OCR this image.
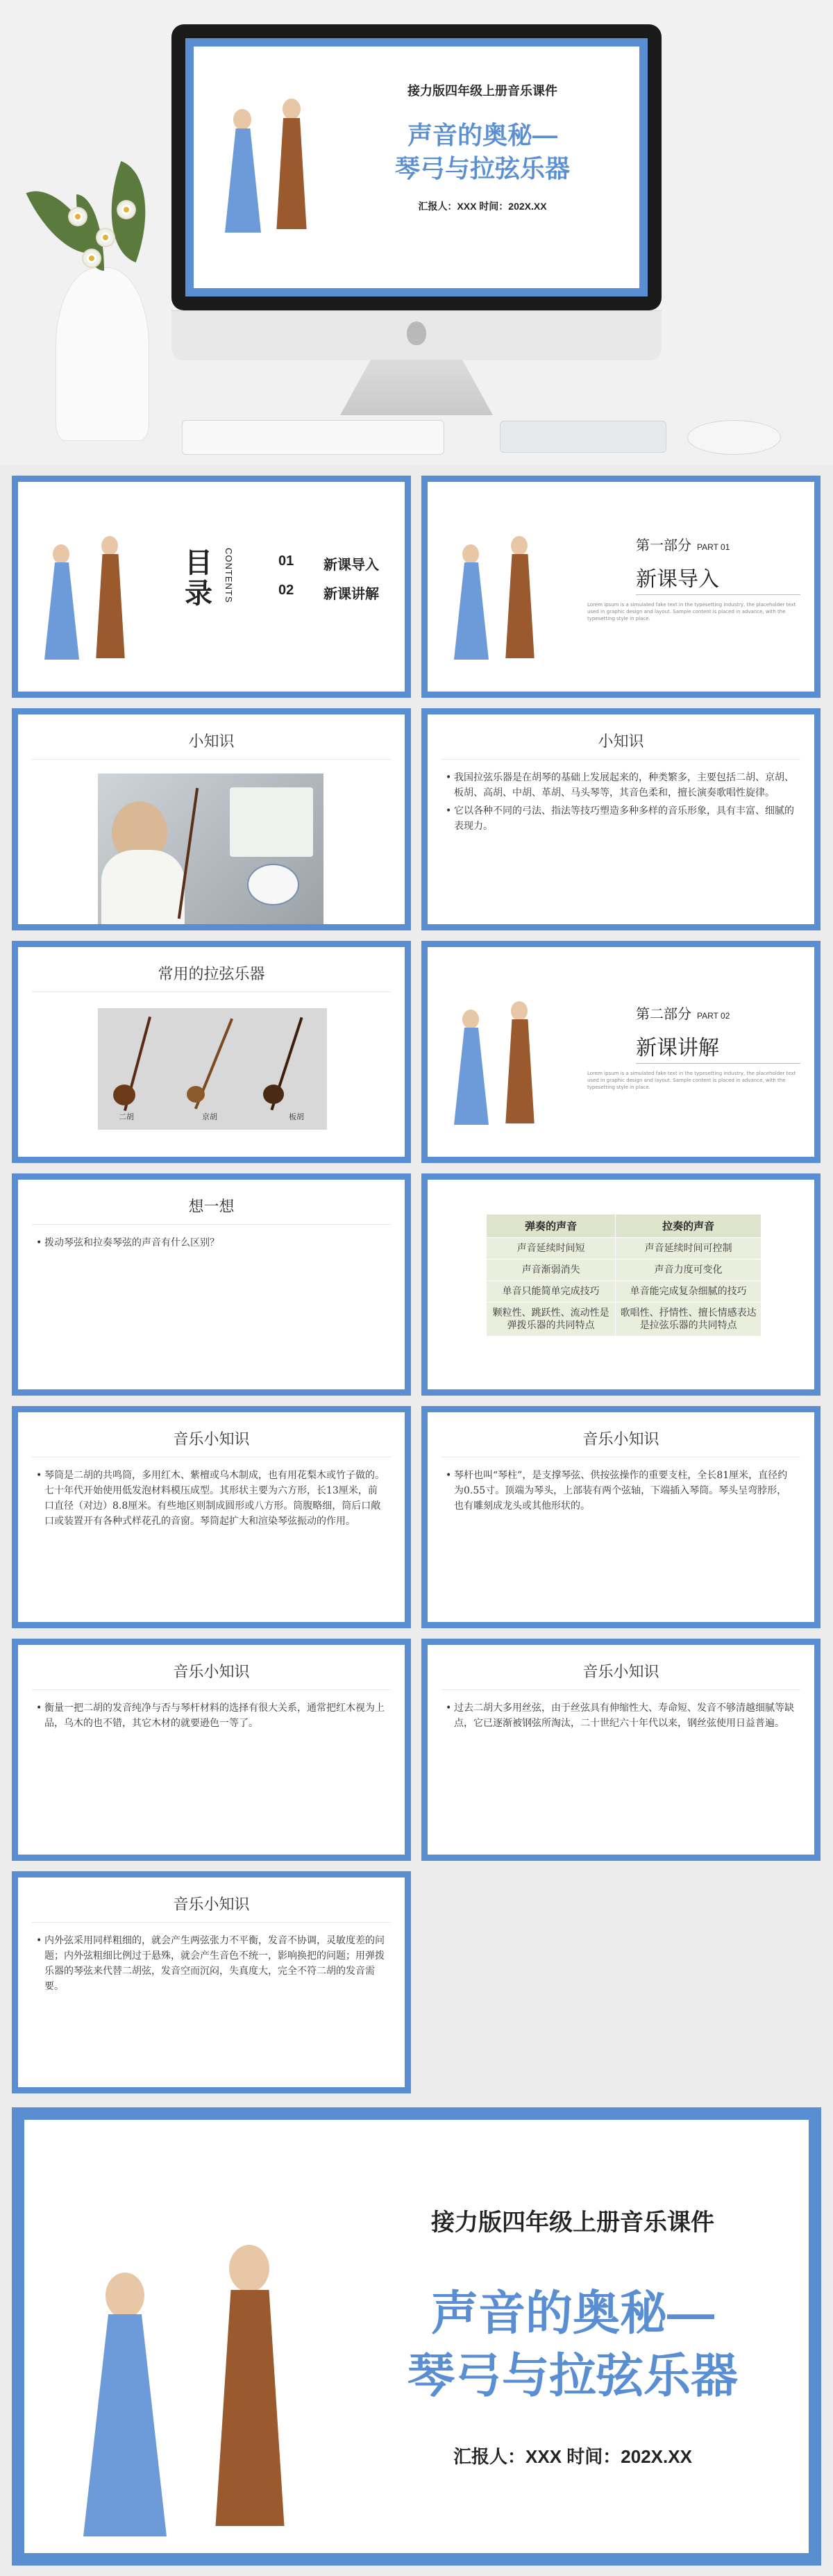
接力版四年级上册音乐课件
声音的奥秘—
琴弓与拉弦乐器
汇报人：XXX 时间：202X.XX
目录	CONTENTS	01 新课导入
02 新课讲解
第一部分 PART 01
新课导入
Lorem ipsum is a simulated fake text in the typesetting industry, the placeholder text used in graphic design and layout. Sample content is placed in advance, with the typesetting style in place.
小知识	小知识
• 我国拉弦乐器是在胡琴的基础上发展起来的，种类繁多，主要包括二胡、京胡、板胡、高胡、中胡、革胡、马头琴等，其音色柔和，擅长演奏歌唱性旋律。
• 它以各种不同的弓法、指法等技巧塑造多种多样的音乐形象，具有丰富、细腻的表现力。
常用的拉弦乐器
二胡	京胡	板胡
第二部分 PART 02
新课讲解
Lorem ipsum is a simulated fake text in the typesetting industry, the placeholder text used in graphic design and layout. Sample content is placed in advance, with the typesetting style in place.
想一想
• 拨动琴弦和拉奏琴弦的声音有什么区别？
弹奏的声音	拉奏的声音
声音延续时间短	声音延续时间可控制
声音渐弱消失	声音力度可变化
单音只能简单完成技巧	单音能完成复杂细腻的技巧
颗粒性、跳跃性、流动性是弹拨乐器的共同特点	歌唱性、抒情性、擅长情感表达是拉弦乐器的共同特点
音乐小知识
• 琴筒是二胡的共鸣筒，多用红木、紫檀或乌木制成，也有用花梨木或竹子做的。七十年代开始使用低发泡材料模压成型。其形状主要为六方形，长13厘米，前口直径（对边）8.8厘米。有些地区则制成圆形或八方形。筒腹略细，筒后口敞口或装置开有各种式样花孔的音窗。琴筒起扩大和渲染琴弦振动的作用。
音乐小知识
• 琴杆也叫“琴柱”，是支撑琴弦、供按弦操作的重要支柱，全长81厘米，直径约为0.55寸。顶端为琴头，上部装有两个弦轴，下端插入琴筒。琴头呈弯脖形，也有雕刻成龙头或其他形状的。
音乐小知识
• 衡量一把二胡的发音纯净与否与琴杆材料的选择有很大关系，通常把红木视为上品，乌木的也不错，其它木材的就要逊色一等了。
音乐小知识
• 过去二胡大多用丝弦，由于丝弦具有伸缩性大、寿命短、发音不够清越细腻等缺点，它已逐渐被钢弦所淘汰，二十世纪六十年代以来，钢丝弦使用日益普遍。
音乐小知识
• 内外弦采用同样粗细的，就会产生两弦张力不平衡，发音不协调，灵敏度差的问题；内外弦粗细比例过于悬殊，就会产生音色不统一，影响换把的问题；用弹拨乐器的琴弦来代替二胡弦，发音空而沉闷，失真度大，完全不符二胡的发音需要。
接力版四年级上册音乐课件
声音的奥秘—
琴弓与拉弦乐器
汇报人：XXX 时间：202X.XX
